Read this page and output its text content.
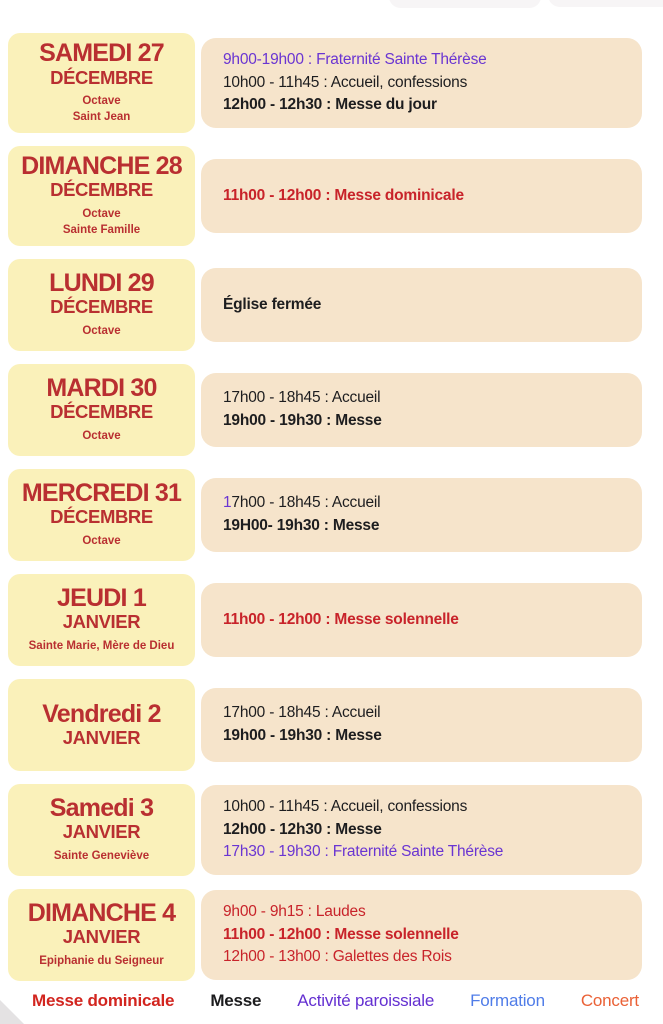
SAMEDI 27
DÉCEMBRE
Octave
Saint Jean
9h00-19h00 : Fraternité Sainte Thérèse
10h00 - 11h45 : Accueil, confessions
12h00 - 12h30 : Messe du jour
DIMANCHE 28
DÉCEMBRE
Octave
Sainte Famille
11h00 - 12h00 : Messe dominicale
LUNDI 29
DÉCEMBRE
Octave
Église fermée
MARDI 30
DÉCEMBRE
Octave
17h00 - 18h45 : Accueil
19h00 - 19h30 : Messe
MERCREDI 31
DÉCEMBRE
Octave
17h00 - 18h45 : Accueil
19H00- 19h30 : Messe
JEUDI 1
JANVIER
Sainte Marie, Mère de Dieu
11h00 - 12h00 : Messe solennelle
Vendredi 2
JANVIER
17h00 - 18h45 : Accueil
19h00 - 19h30 : Messe
Samedi 3
JANVIER
Sainte Geneviève
10h00 - 11h45 : Accueil, confessions
12h00 - 12h30 : Messe
17h30 - 19h30 : Fraternité Sainte Thérèse
DIMANCHE 4
JANVIER
Epiphanie du Seigneur
9h00 - 9h15 : Laudes
11h00 - 12h00 : Messe solennelle
12h00 - 13h00 : Galettes des Rois
Messe dominicale Messe Activité paroissiale Formation Concert
